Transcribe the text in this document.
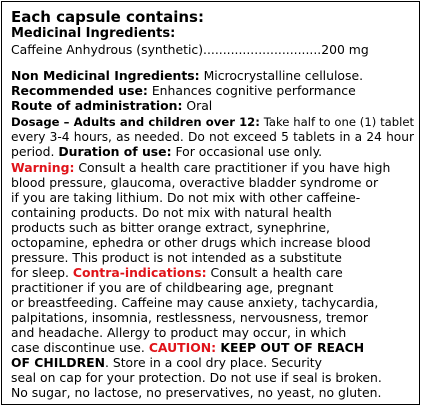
Each capsule contains:
Medicinal Ingredients:
Caffeine Anhydrous (synthetic)..............................200 mg
Non Medicinal Ingredients: Microcrystalline cellulose.
Recommended use: Enhances cognitive performance
Route of administration: Oral
Dosage – Adults and children over 12: Take half to one (1) tablet
every 3-4 hours, as needed. Do not exceed 5 tablets in a 24 hour
period. Duration of use: For occasional use only.
Warning: Consult a health care practitioner if you have high
blood pressure, glaucoma, overactive bladder syndrome or
if you are taking lithium. Do not mix with other caffeine-
containing products. Do not mix with natural health
products such as bitter orange extract, synephrine,
octopamine, ephedra or other drugs which increase blood
pressure. This product is not intended as a substitute
for sleep. Contra-indications: Consult a health care
practitioner if you are of childbearing age, pregnant
or breastfeeding. Caffeine may cause anxiety, tachycardia,
palpitations, insomnia, restlessness, nervousness, tremor
and headache. Allergy to product may occur, in which
case discontinue use. CAUTION: KEEP OUT OF REACH
OF CHILDREN. Store in a cool dry place. Security
seal on cap for your protection. Do not use if seal is broken.
No sugar, no lactose, no preservatives, no yeast, no gluten.
